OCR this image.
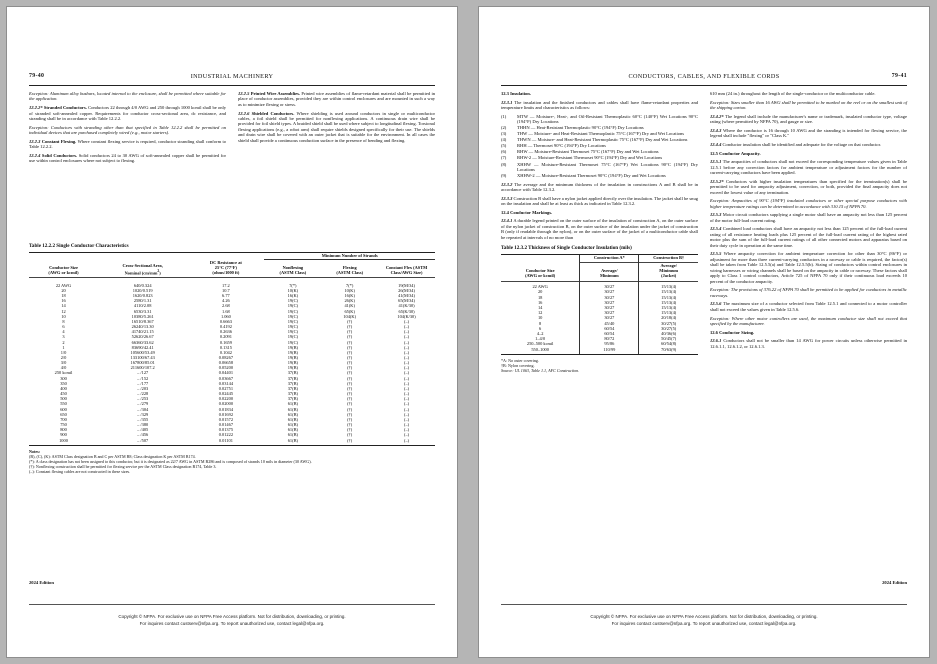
79-40	INDUSTRIAL MACHINERY

Exception: Aluminum alloy busbars, located internal to the enclosure, shall be permitted where suitable for the application.

12.2.2* Stranded Conductors. Conductors 22 through 4/0 AWG and 250 through 1000 kcmil shall be only of stranded soft-annealed copper. Requirements for conductor cross-sectional area, dc resistance, and stranding shall be in accordance with Table 12.2.2.

Exception: Conductors with stranding other than that specified in Table 12.2.2 shall be permitted on individual devices that are purchased completely wired (e.g., motor starters).

12.2.3 Constant Flexing. Where constant flexing service is required, conductor stranding shall conform to Table 12.2.2.

12.2.4 Solid Conductors. Solid conductors 24 to 30 AWG of soft-annealed copper shall be permitted for use within control enclosures where not subject to flexing.

12.2.5 Printed Wire Assemblies. Printed wire assemblies of flame-retardant material shall be permitted in place of conductor assemblies, provided they are within control enclosures and are mounted in such a way as to minimize flexing or stress.

12.2.6 Shielded Conductors. Where shielding is used around conductors in single or multiconductor cables, a foil shield shall be permitted for nonflexing applications. A continuous drain wire shall be provided for foil shield types. A braided shield shall be used where subject to longitudinal flexing. Torsional flexing applications (e.g., a robot arm) shall require shields designed specifically for their use. The shields and drain wire shall be covered with an outer jacket that is suitable for the environment. In all cases the shield shall provide a continuous conduction surface in the presence of bending and flexing.

Table 12.2.2 Single Conductor Characteristics
			Minimum Number of Strands		
Conductor Size
(AWG or kcmil)	Cross-Sectional Area,
Nominal $(cm/mm^2)$	DC Resistance at
25°C (77°F)
(ohms/1000 ft)	Nonflexing
(ASTM Class)	Flexing
(ASTM Class)	Constant Flex (ASTM
Class/AWG Size)

22 AWG	640/0.324	17.2	7(*)	7(*)	19(M/34)
20	1020/0.519	10.7	10(K)	10(K)	26(M/34)
18	1620/0.823	6.77	16(K)	16(K)	41(M/34)
16	2580/1.31	4.26	19(C)	26(K)	65(M/34)
14	4110/2.08	2.68	19(C)	41(K)	41(K/30)
12	6530/3.31	1.68	19(C)	65(K)	65(K/30)
10	10380/5.261	1.060	19(C)	104(K)	104(K/30)
8	16510/8.367	0.6663	19(C)	(†)	(–)
6	26240/13.30	0.4192	19(C)	(†)	(–)
4	41740/21.15	0.2636	19(C)	(†)	(–)
3	52620/26.67	0.2091	19(C)	(†)	(–)
2	66360/33.62	0.1659	19(C)	(†)	(–)
1	83690/42.41	0.1315	19(B)	(†)	(–)
1/0	105600/53.49	0.1042	19(B)	(†)	(–)
2/0	133100/67.43	0.08267	19(B)	(†)	(–)
3/0	167800/85.01	0.06658	19(B)	(†)	(–)
4/0	211600/107.2	0.05200	19(B)	(†)	(–)
250 kcmil	– /127	0.04401	37(B)	(†)	(–)
300	– /152	0.03667	37(B)	(†)	(–)
350	– /177	0.03144	37(B)	(†)	(–)
400	– /203	0.02751	37(B)	(†)	(–)
450	– /228	0.02445	37(B)	(†)	(–)
500	– /253	0.02200	37(B)	(†)	(–)
550	– /279	0.02000	61(B)	(†)	(–)
600	– /304	0.01834	61(B)	(†)	(–)
650	– /329	0.01692	61(B)	(†)	(–)
700	– /355	0.01572	61(B)	(†)	(–)
750	– /380	0.01467	61(B)	(†)	(–)
800	– /405	0.01375	61(B)	(†)	(–)
900	– /456	0.01222	61(B)	(†)	(–)
1000	– /507	0.01101	61(B)	(†)	(–)

Notes:
(B), (C), (K): ASTM Class designation B and C per ASTM B8; Class designation K per ASTM B174.
(*): A class designation has not been assigned to this conductor, but it is designated as 22/7 AWG in ASTM B286 and is composed of strands 10 mils in diameter (30 AWG).
(†): Nonflexing construction shall be permitted for flexing service per the ASTM Class designation B174, Table 3.
(–): Constant flexing cables are not constructed in these sizes.
2024 Edition
Copyright © NFPA. For exclusive use on NFPA Free Access platform. Not for distribution, downloading, or printing.
For inquires contact custserv@nfpa.org. To report unauthorized use, contact legal@nfpa.org.
CONDUCTORS, CABLES, AND FLEXIBLE CORDS	79-41

12.3 Insulation.

12.3.1 The insulation and the finished conductors and cables shall have flame-retardant properties and temperature limits and characteristics as follows:

(1)	MTW — Moisture-, Heat-, and Oil-Resistant Thermoplastic 60°C (140°F) Wet Locations 90°C (194°F) Dry Locations
(2)	THHN — Heat-Resistant Thermoplastic 90°C (194°F) Dry Locations
(3)	THW — Moisture- and Heat-Resistant Thermoplastic 75°C (167°F) Dry and Wet Locations
(4)	THWN — Moisture- and Heat-Resistant Thermoplastic 75°C (167°F) Dry and Wet Locations
(5)	RHH — Thermoset 90°C (194°F) Dry Locations
(6)	RHW — Moisture-Resistant Thermoset 75°C (167°F) Dry and Wet Locations
(7)	RHW-2 — Moisture-Resistant Thermoset 90°C (194°F) Dry and Wet Locations
(8)	XHHW — Moisture-Resistant Thermoset 75°C (167°F) Wet Locations 90°C (194°F) Dry Locations
(9)	XHHW-2 — Moisture-Resistant Thermoset 90°C (194°F) Dry and Wet Locations

12.3.2 The average and the minimum thickness of the insulation in constructions A and B shall be in accordance with Table 12.3.2.

12.3.3 Construction B shall have a nylon jacket applied directly over the insulation. The jacket shall be snug on the insulation and shall be at least as thick as indicated in Table 12.3.2.

12.4 Conductor Markings.

12.4.1 A durable legend printed on the outer surface of the insulation of construction A, on the outer surface of the nylon jacket of construction B, on the outer surface of the insulation under the jacket of construction B (only if readable through the nylon), or on the outer surface of the jacket of a multiconductor cable shall be repeated at intervals of no more than

Table 12.3.2 Thickness of Single Conductor Insulation (mils)
	Construction A*	Construction B†

Conductor Size
(AWG or kcmil)	Average/
Minimum	Average/
Minimum
(Jacket)

22 AWG	30/27	15/13(4)
20	30/27	15/13(4)
18	30/27	15/13(4)
16	30/27	15/13(4)
14	30/27	15/13(4)
12	30/27	15/13(4)
10	30/27	20/18(4)
8	45/40	30/27(5)
6	60/54	30/27(5)
4–2	60/54	40/36(6)
1–4/0	80/72	50/45(7)
250–500 kcmil	95/86	60/54(8)
550–1000	110/99	70/63(9)

*A: No outer covering.
†B: Nylon covering.
Source: UL 1063, Table 1.1, AFC Construction.

610 mm (24 in.) throughout the length of the single-conductor or the multiconductor cable.

Exception: Sizes smaller than 16 AWG shall be permitted to be marked on the reel or on the smallest unit of the shipping carton.

12.4.2* The legend shall include the manufacturer's name or trademark, insulated conductor type, voltage rating (where permitted by NFPA 70), and gauge or size.

12.4.3 Where the conductor is 16 through 10 AWG and the stranding is intended for flexing service, the legend shall include "flexing" or "Class K."

12.4.4 Conductor insulation shall be identified and adequate for the voltage on that conductor.

12.5 Conductor Ampacity.

12.5.1 The ampacities of conductors shall not exceed the corresponding temperature values given in Table 12.5.1 before any correction factors for ambient temperature or adjustment factors for the number of current-carrying conductors have been applied.

12.5.2* Conductors with higher insulation temperatures than specified for the termination(s) shall be permitted to be used for ampacity adjustment, correction, or both, provided the final ampacity does not exceed the lowest value of any termination.

Exception: Ampacities of 90°C (194°F) insulated conductors or other special purpose conductors with higher temperature ratings can be determined in accordance with 310.15 of NFPA 70.

12.5.3 Motor circuit conductors supplying a single motor shall have an ampacity not less than 125 percent of the motor full-load current rating.

12.5.4 Combined load conductors shall have an ampacity not less than 125 percent of the full-load current rating of all resistance heating loads plus 125 percent of the full-load current rating of the highest rated motor plus the sum of the full-load current ratings of all other connected motors and apparatus based on their duty cycle in operation at the same time.

12.5.5 Where ampacity correction for ambient temperature correction for other than 30°C (86°F) or adjustment for more than three current-carrying conductors in a raceway or cable is required, the factor(s) shall be taken from Table 12.5.5(a) and Table 12.5.5(b). Sizing of conductors within control enclosures in wiring harnesses or wiring channels shall be based on the ampacity in cable or raceway. These factors shall apply to Class 1 control conductors, Article 725 of NFPA 70 only if their continuous load exceeds 10 percent of the conductor ampacity.

Exception: The provisions of 376.22 of NFPA 70 shall be permitted to be applied for conductors in metallic raceways.

12.5.6 The maximum size of a conductor selected from Table 12.5.1 and connected to a motor controller shall not exceed the values given in Table 12.5.6.

Exception: Where other motor controllers are used, the maximum conductor size shall not exceed that specified by the manufacturer.

12.6 Conductor Sizing.

12.6.1 Conductors shall not be smaller than 14 AWG for power circuits unless otherwise permitted in 12.6.1.1, 12.6.1.2, or 12.6.1.3.

2024 Edition
Copyright © NFPA. For exclusive use on NFPA Free Access platform. Not for distribution, downloading, or printing.
For inquires contact custserv@nfpa.org. To report unauthorized use, contact legal@nfpa.org.
